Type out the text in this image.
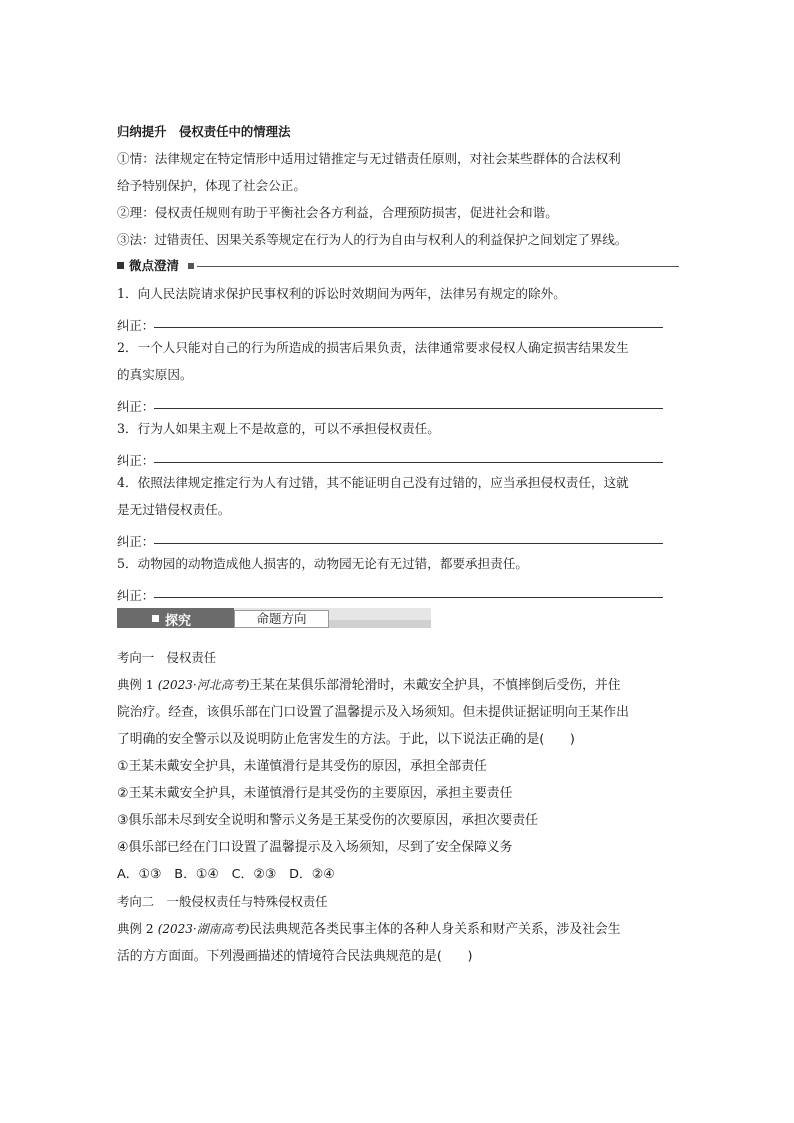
归纳提升　侵权责任中的情理法
①情：法律规定在特定情形中适用过错推定与无过错责任原则，对社会某些群体的合法权利
给予特别保护，体现了社会公正。
②理：侵权责任规则有助于平衡社会各方利益，合理预防损害，促进社会和谐。
③法：过错责任、因果关系等规定在行为人的行为自由与权利人的利益保护之间划定了界线。
微点澄清
1．向人民法院请求保护民事权利的诉讼时效期间为两年，法律另有规定的除外。
纠正：
2．一个人只能对自己的行为所造成的损害后果负责，法律通常要求侵权人确定损害结果发生
的真实原因。
纠正：
3．行为人如果主观上不是故意的，可以不承担侵权责任。
纠正：
4．依照法律规定推定行为人有过错，其不能证明自己没有过错的，应当承担侵权责任，这就
是无过错侵权责任。
纠正：
5．动物园的动物造成他人损害的，动物园无论有无过错，都要承担责任。
纠正：
探究	命题方向
考向一　侵权责任
典例 1 (2023·河北高考)王某在某俱乐部滑轮滑时，未戴安全护具，不慎摔倒后受伤，并住
院治疗。经查，该俱乐部在门口设置了温馨提示及入场须知。但未提供证据证明向王某作出
了明确的安全警示以及说明防止危害发生的方法。于此，以下说法正确的是(　　)
①王某未戴安全护具，未谨慎滑行是其受伤的原因，承担全部责任
②王某未戴安全护具，未谨慎滑行是其受伤的主要原因，承担主要责任
③俱乐部未尽到安全说明和警示义务是王某受伤的次要原因，承担次要责任
④俱乐部已经在门口设置了温馨提示及入场须知，尽到了安全保障义务
A．①③　B．①④　C．②③　D．②④
考向二　一般侵权责任与特殊侵权责任
典例 2 (2023·湖南高考)民法典规范各类民事主体的各种人身关系和财产关系，涉及社会生
活的方方面面。下列漫画描述的情境符合民法典规范的是(　　)
